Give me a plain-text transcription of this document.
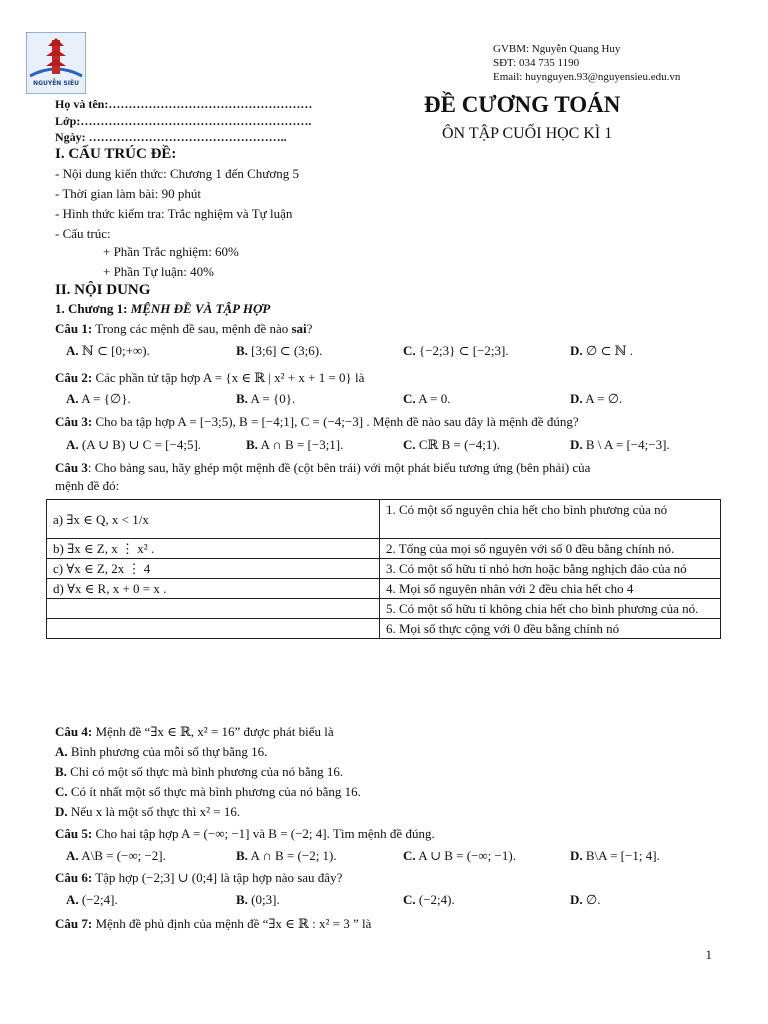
NGUYỄN SIÊU
GVBM: Nguyễn Quang Huy
SĐT: 034 735 1190
Email: huynguyen.93@nguyensieu.edu.vn
Họ và tên:……………………………………………
Lớp:………………………………………………….
Ngày: …………………………………………..
ĐỀ CƯƠNG TOÁN
ÔN TẬP CUỐI HỌC KÌ 1
I. CẤU TRÚC ĐỀ:
- Nội dung kiến thức: Chương 1 đến Chương 5
- Thời gian làm bài: 90 phút
- Hình thức kiểm tra: Trắc nghiệm và Tự luận
- Cấu trúc:
+ Phần Trắc nghiệm: 60%
+ Phần Tự luận: 40%
II. NỘI DUNG
1. Chương 1: MỆNH ĐỀ VÀ TẬP HỢP
Câu 1: Trong các mệnh đề sau, mệnh đề nào sai?
A. ℕ ⊂ [0;+∞).	B. [3;6] ⊂ (3;6).	C. {−2;3} ⊂ [−2;3].	D. ∅ ⊂ ℕ .
Câu 2: Các phần tử tập hợp A = {x ∈ ℝ | x² + x + 1 = 0} là
A. A = {∅}.	B. A = {0}.	C. A = 0.	D. A = ∅.
Câu 3: Cho ba tập hợp A = [−3;5), B = [−4;1], C = (−4;−3] . Mệnh đề nào sau đây là mệnh đề đúng?
A. (A ∪ B) ∪ C = [−4;5].	B. A ∩ B = [−3;1].	C. Cℝ B = (−4;1).	D. B \ A = [−4;−3].
Câu 3: Cho bảng sau, hãy ghép một mệnh đề (cột bên trái) với một phát biểu tương ứng (bên phải) của
mệnh đề đó:
a) ∃x ∈ Q, x < 1/x	1. Có một số nguyên chia hết cho bình phương của nó
b) ∃x ∈ Z, x ⋮ x² .	2. Tổng của mọi số nguyên với số 0 đều bằng chính nó.
c) ∀x ∈ Z, 2x ⋮ 4	3. Có một số hữu tỉ nhỏ hơn hoặc bằng nghịch đảo của nó
d) ∀x ∈ R, x + 0 = x .	4. Mọi số nguyên nhân với 2 đều chia hết cho 4
	5. Có một số hữu tỉ không chia hết cho bình phương của nó.
	6. Mọi số thực cộng với 0 đều bằng chính nó
Câu 4: Mệnh đề “∃x ∈ ℝ, x² = 16” được phát biểu là
A. Bình phương của mỗi số thự bằng 16.
B. Chỉ có một số thực mà bình phương của nó bằng 16.
C. Có ít nhất một số thực mà bình phương của nó bằng 16.
D. Nếu x là một số thực thì x² = 16.
Câu 5: Cho hai tập hợp A = (−∞; −1] và B = (−2; 4]. Tìm mệnh đề đúng.
A. A\B = (−∞; −2].	B. A ∩ B = (−2; 1).	C. A ∪ B = (−∞; −1).	D. B\A = [−1; 4].
Câu 6: Tập hợp (−2;3] ∪ (0;4] là tập hợp nào sau đây?
A. (−2;4].	B. (0;3].	C. (−2;4).	D. ∅.
Câu 7: Mệnh đề phủ định của mệnh đề “∃x ∈ ℝ : x² = 3 ” là
1
